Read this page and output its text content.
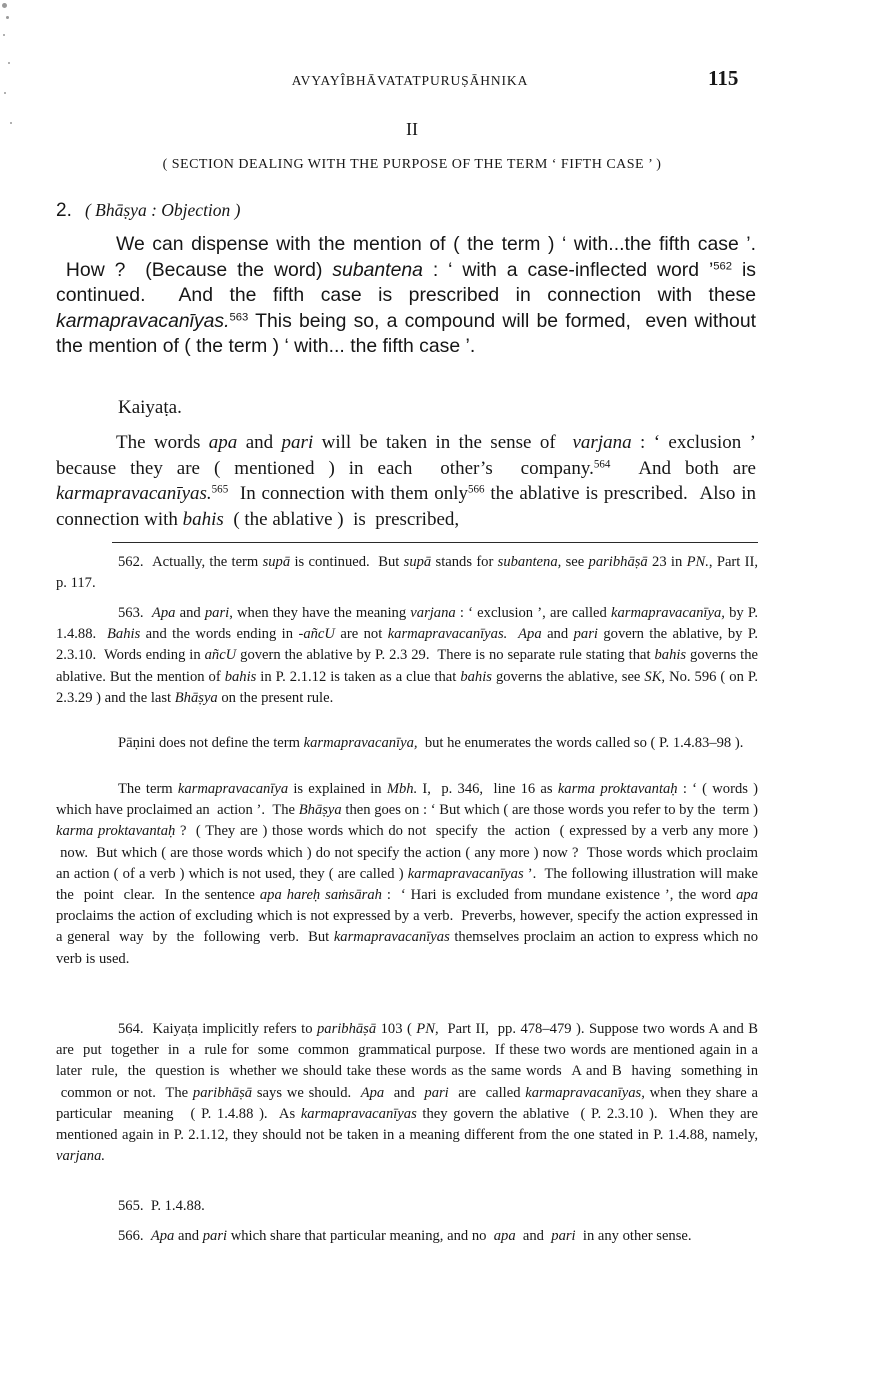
AVYAYÎBHĀVATATPURUṢĀHNIKA	115
II
( SECTION DEALING WITH THE PURPOSE OF THE TERM ‘ FIFTH CASE ’ )
2. ( Bhāṣya : Objection )

We can dispense with the mention of ( the term ) ‘ with...the fifth case ’.  How ?  (Because the word) subantena : ‘ with a case-inflected word ’$^{562}$ is continued.  And the fifth case is prescribed in connection with these karmapravacanīyas.$^{563}$ This being so, a compound will be formed,  even without the mention of ( the term ) ‘ with... the fifth case ’.

Kaiyaṭa.

The words apa and pari will be taken in the sense of  varjana : ‘ exclusion ’ because they are ( mentioned ) in each  other’s  company.$^{564}$  And both are karmapravacanīyas.$^{565}$  In connection with them only$^{566}$ the ablative is prescribed.  Also in connection with bahis  ( the ablative )  is  prescribed,

562.  Actually, the term supā is continued.  But supā stands for subantena, see paribhāṣā 23 in PN., Part II, p. 117.

563.  Apa and pari, when they have the meaning varjana : ‘ exclusion ’, are called karmapravacanīya, by P. 1.4.88.  Bahis and the words ending in -añcU are not karmapravacanīyas. Apa and pari govern the ablative, by P. 2.3.10.  Words ending in añcU govern the ablative by P. 2.3 29.  There is no separate rule stating that bahis governs the ablative. But the mention of bahis in P. 2.1.12 is taken as a clue that bahis governs the ablative, see SK, No. 596 ( on P. 2.3.29 ) and the last Bhāṣya on the present rule.

Pāṇini does not define the term karmapravacanīya,  but he enumerates the words called so ( P. 1.4.83–98 ).

The term karmapravacanīya is explained in Mbh. I,  p. 346,  line 16 as karma proktavantaḥ : ‘ ( words ) which have proclaimed an  action ’.  The Bhāṣya then goes on : ‘ But which ( are those words you refer to by the  term ) karma proktavantaḥ ?  ( They are ) those words which do not  specify  the  action  ( expressed by a verb any more )  now.  But which ( are those words which ) do not specify the action ( any more ) now ?  Those words which proclaim an action ( of a verb ) which is not used, they ( are called ) karmapravacanīyas ’.  The following illustration will make the  point  clear.  In the sentence apa hareḥ saṁsārah :  ‘ Hari is excluded from mundane existence ’, the word apa proclaims the action of excluding which is not expressed by a verb.  Preverbs, however, specify the action expressed in a general  way  by  the  following  verb.  But karmapravacanīyas themselves proclaim an action to express which no verb is used.

564.  Kaiyaṭa implicitly refers to paribhāṣā 103 ( PN,  Part II,  pp. 478–479 ). Suppose two words A and B are  put  together  in  a  rule for  some  common  grammatical purpose.  If these two words are mentioned again in a later  rule,  the  question is  whether we should take these words as the same words  A and B  having  something in  common or not.  The paribhāṣā says we should.  Apa  and  pari  are  called karmapravacanīyas, when they share a particular  meaning   ( P. 1.4.88 ).  As karmapravacanīyas they govern the ablative  ( P. 2.3.10 ).  When they are mentioned again in P. 2.1.12, they should not be taken in a meaning different from the one stated in P. 1.4.88, namely, varjana.

565.  P. 1.4.88.

566.  Apa and pari which share that particular meaning, and no  apa  and  pari  in any other sense.
